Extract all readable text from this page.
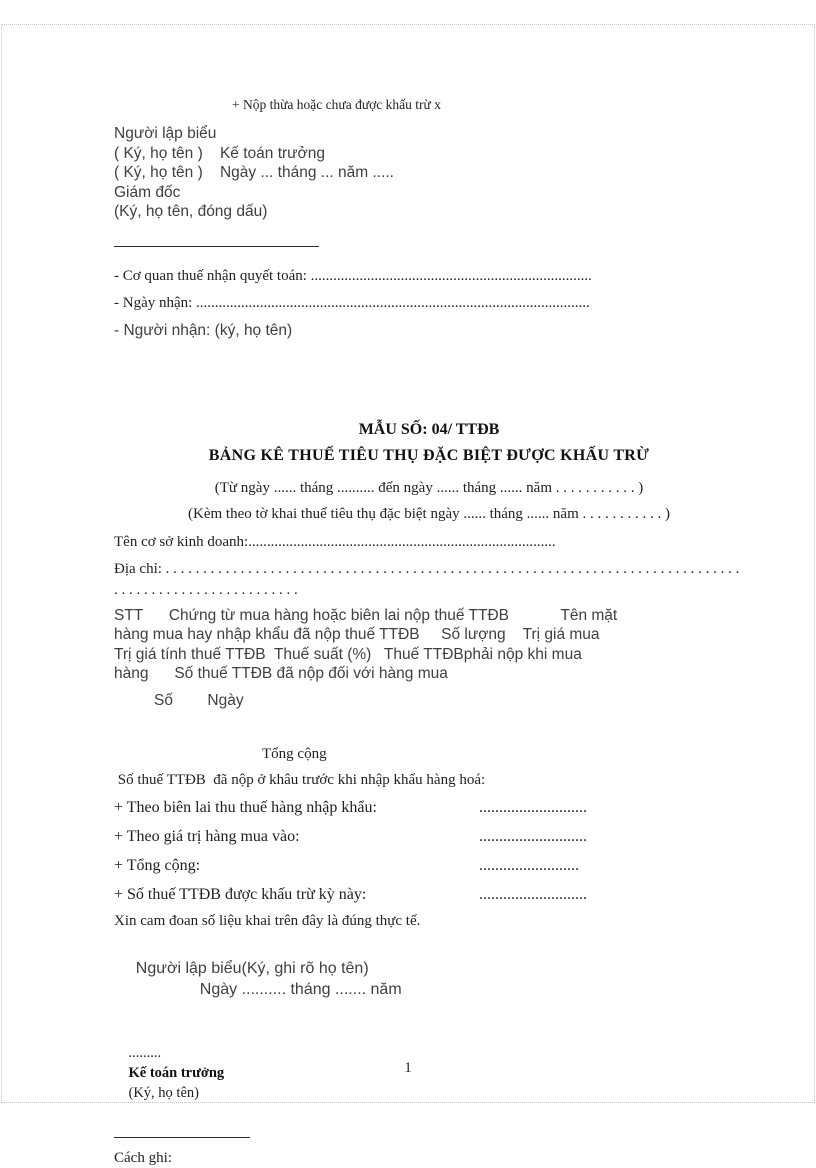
+ Nộp thừa hoặc chưa được khấu trừ x

Người lập biểu

( Ký, họ tên )    Kế toán trưởng

( Ký, họ tên )    Ngày ... tháng ... năm .....

Giám đốc

(Ký, họ tên, đóng dấu)

- Cơ quan thuế nhận quyết toán: ...........................................................................

- Ngày nhận: .........................................................................................................

- Người nhận: (ký, họ tên)

MẪU SỐ: 04/ TTĐB

BẢNG KÊ THUẾ TIÊU THỤ ĐẶC BIỆT ĐƯỢC KHẤU TRỪ

(Từ ngày ...... tháng .......... đến ngày ...... tháng ...... năm . . . . . . . . . . . )

(Kèm theo tờ khai thuế tiêu thụ đặc biệt ngày ...... tháng ...... năm . . . . . . . . . . . )

Tên cơ sở kinh doanh:..................................................................................

Địa chỉ: . . . . . . . . . . . . . . . . . . . . . . . . . . . . . . . . . . . . . . . . . . . . . . . . . . . . . . . . . . . . . . . . . . . . . . . . . . . . . . . . . . . . . . . . . . . . . . . . . . . . . .

STT      Chứng từ mua hàng hoặc biên lai nộp thuế TTĐB            Tên mặt

hàng mua hay nhập khẩu đã nộp thuế TTĐB     Số lượng    Trị giá mua

Trị giá tính thuế TTĐB  Thuế suất (%)   Thuế TTĐBphải nộp khi mua

hàng      Số thuế TTĐB đã nộp đối với hàng mua

Số        Ngày

Tổng cộng

Số thuế TTĐB  đã nộp ở khâu trước khi nhập khẩu hàng hoá:

+ Theo biên lai thu thuế hàng nhập khẩu:	...........................
+ Theo giá trị hàng mua vào:	...........................
+ Tổng cộng:	.........................
+ Số thuế TTĐB được khấu trừ kỳ này:	...........................

Xin cam đoan số liệu khai trên đây là đúng thực tế.

Người lập biểu(Ký, ghi rõ họ tên)
Ngày .......... tháng ....... năm

.........
Kế toán trưởng
(Ký, họ tên)

Cách ghi:

1
